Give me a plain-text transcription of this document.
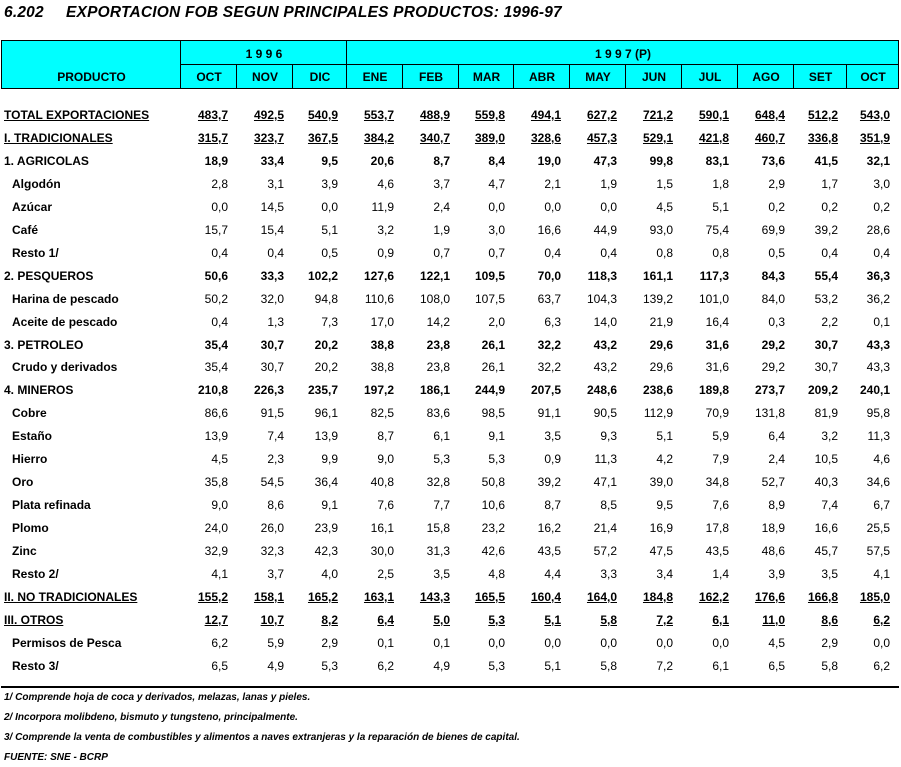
6.202 EXPORTACION FOB SEGUN PRINCIPALES PRODUCTOS: 1996-97
PRODUCTO
1 9 9 6	1 9 9 7 (P)
OCT	NOV	DIC	ENE	FEB	MAR	ABR	MAY	JUN	JUL	AGO	SET	OCT
TOTAL EXPORTACIONES	483,7 492,5 540,9 553,7 488,9 559,8 494,1 627,2 721,2 590,1 648,4 512,2 543,0
I. TRADICIONALES	315,7 323,7 367,5 384,2 340,7 389,0 328,6 457,3 529,1 421,8 460,7 336,8 351,9
1. AGRICOLAS	18,9	33,4	9,5	20,6	8,7	8,4	19,0	47,3	99,8	83,1	73,6 41,5 32,1
Algodón	2,8	3,1	3,9	4,6	3,7	4,7	2,1	1,9	1,5	1,8	2,9	1,7	3,0
Azúcar	0,0	14,5	0,0	11,9	2,4	0,0	0,0	0,0	4,5	5,1	0,2	0,2	0,2
Café	15,7	15,4	5,1	3,2	1,9	3,0	16,6	44,9	93,0	75,4	69,9 39,2 28,6
Resto 1/	0,4	0,4	0,5	0,9	0,7	0,7	0,4	0,4	0,8	0,8	0,5	0,4	0,4
2. PESQUEROS	50,6	33,3 102,2 127,6 122,1 109,5	70,0 118,3 161,1 117,3	84,3 55,4 36,3
Harina de pescado	50,2	32,0	94,8 110,6 108,0 107,5	63,7 104,3 139,2 101,0	84,0 53,2 36,2
Aceite de pescado	0,4	1,3	7,3	17,0	14,2	2,0	6,3	14,0	21,9	16,4	0,3	2,2	0,1
3. PETROLEO	35,4	30,7	20,2	38,8	23,8	26,1	32,2	43,2	29,6	31,6	29,2 30,7 43,3
Crudo y derivados	35,4	30,7	20,2	38,8	23,8	26,1	32,2	43,2	29,6	31,6	29,2 30,7 43,3
4. MINEROS	210,8 226,3 235,7 197,2 186,1 244,9 207,5 248,6 238,6 189,8 273,7 209,2 240,1
Cobre	86,6	91,5	96,1	82,5	83,6	98,5	91,1	90,5 112,9	70,9 131,8 81,9 95,8
Estaño	13,9	7,4	13,9	8,7	6,1	9,1	3,5	9,3	5,1	5,9	6,4	3,2 11,3
Hierro	4,5	2,3	9,9	9,0	5,3	5,3	0,9	11,3	4,2	7,9	2,4 10,5	4,6
Oro	35,8	54,5	36,4	40,8	32,8	50,8	39,2	47,1	39,0	34,8	52,7 40,3 34,6
Plata refinada	9,0	8,6	9,1	7,6	7,7	10,6	8,7	8,5	9,5	7,6	8,9	7,4	6,7
Plomo	24,0	26,0	23,9	16,1	15,8	23,2	16,2	21,4	16,9	17,8	18,9 16,6 25,5
Zinc	32,9	32,3	42,3	30,0	31,3	42,6	43,5	57,2	47,5	43,5	48,6 45,7 57,5
Resto 2/	4,1	3,7	4,0	2,5	3,5	4,8	4,4	3,3	3,4	1,4	3,9	3,5	4,1
II. NO TRADICIONALES	155,2 158,1 165,2 163,1 143,3 165,5 160,4 164,0 184,8 162,2 176,6 166,8 185,0
III. OTROS	12,7	10,7	8,2	6,4	5,0	5,3	5,1	5,8	7,2	6,1	11,0	8,6	6,2
Permisos de Pesca	6,2	5,9	2,9	0,1	0,1	0,0	0,0	0,0	0,0	0,0	4,5	2,9	0,0
Resto 3/	6,5	4,9	5,3	6,2	4,9	5,3	5,1	5,8	7,2	6,1	6,5	5,8	6,2
1/ Comprende hoja de coca y derivados, melazas, lanas y pieles.
2/ Incorpora molibdeno, bismuto y tungsteno, principalmente.
3/ Comprende la venta de combustibles y alimentos a naves extranjeras y la reparación de bienes de capital.
FUENTE: SNE - BCRP
